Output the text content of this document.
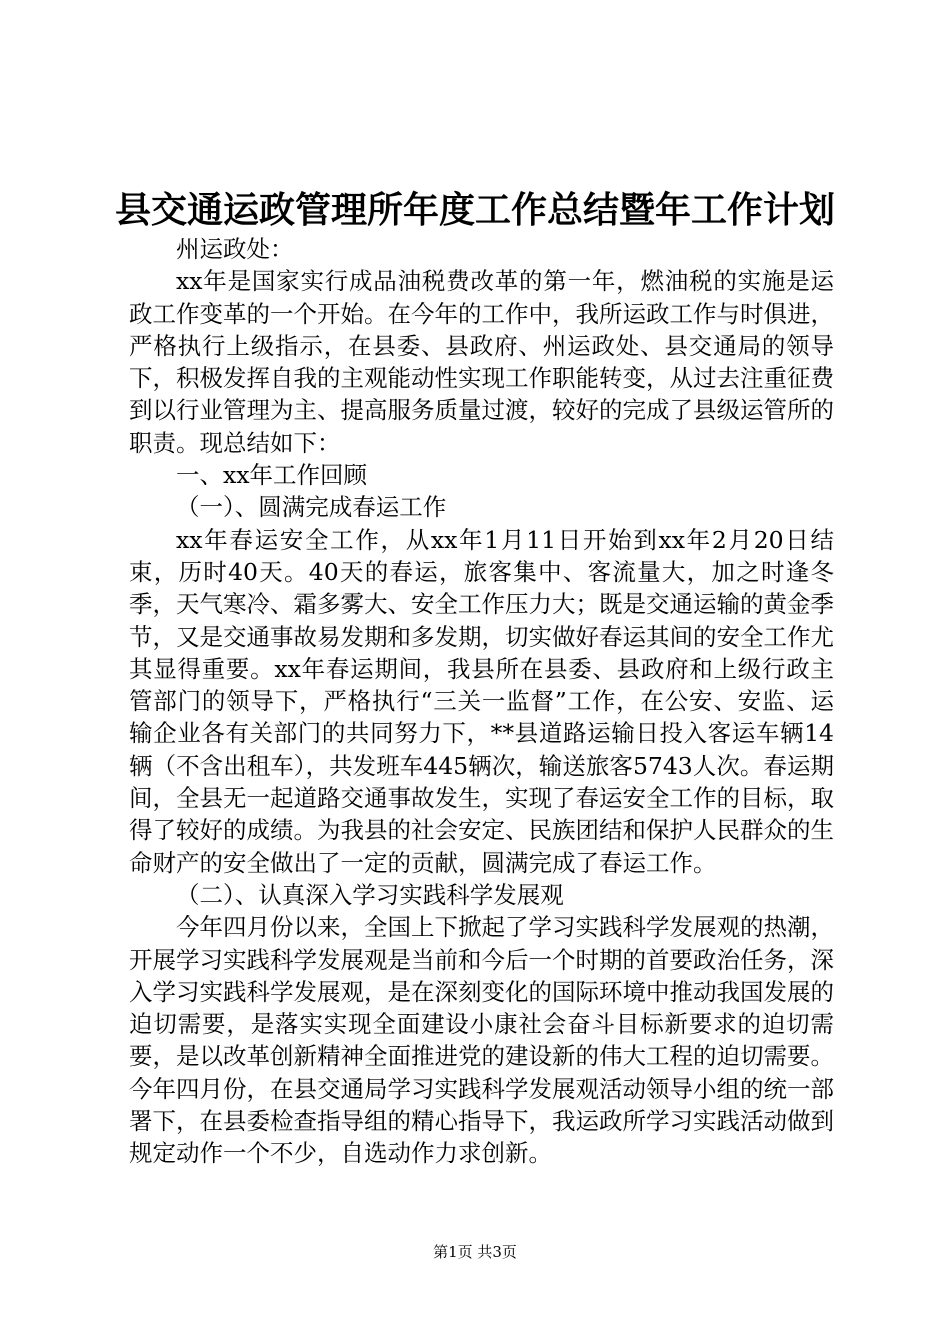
县交通运政管理所年度工作总结暨年工作计划

州运政处：

xx年是国家实行成品油税费改革的第一年，燃油税的实施是运政工作变革的一个开始。在今年的工作中，我所运政工作与时俱进，严格执行上级指示，在县委、县政府、州运政处、县交通局的领导下，积极发挥自我的主观能动性实现工作职能转变，从过去注重征费到以行业管理为主、提高服务质量过渡，较好的完成了县级运管所的职责。现总结如下：

一、xx年工作回顾

（一）、圆满完成春运工作

xx年春运安全工作，从xx年1月11日开始到xx年2月20日结束，历时40天。40天的春运，旅客集中、客流量大，加之时逢冬季，天气寒冷、霜多雾大、安全工作压力大；既是交通运输的黄金季节，又是交通事故易发期和多发期，切实做好春运其间的安全工作尤其显得重要。xx年春运期间，我县所在县委、县政府和上级行政主管部门的领导下，严格执行“三关一监督”工作，在公安、安监、运输企业各有关部门的共同努力下，**县道路运输日投入客运车辆14辆（不含出租车），共发班车445辆次，输送旅客5743人次。春运期间，全县无一起道路交通事故发生，实现了春运安全工作的目标，取得了较好的成绩。为我县的社会安定、民族团结和保护人民群众的生命财产的安全做出了一定的贡献，圆满完成了春运工作。

（二）、认真深入学习实践科学发展观

今年四月份以来，全国上下掀起了学习实践科学发展观的热潮，开展学习实践科学发展观是当前和今后一个时期的首要政治任务，深入学习实践科学发展观，是在深刻变化的国际环境中推动我国发展的迫切需要，是落实实现全面建设小康社会奋斗目标新要求的迫切需要，是以改革创新精神全面推进党的建设新的伟大工程的迫切需要。今年四月份，在县交通局学习实践科学发展观活动领导小组的统一部署下，在县委检查指导组的精心指导下，我运政所学习实践活动做到规定动作一个不少，自选动作力求创新。

第1页 共3页
